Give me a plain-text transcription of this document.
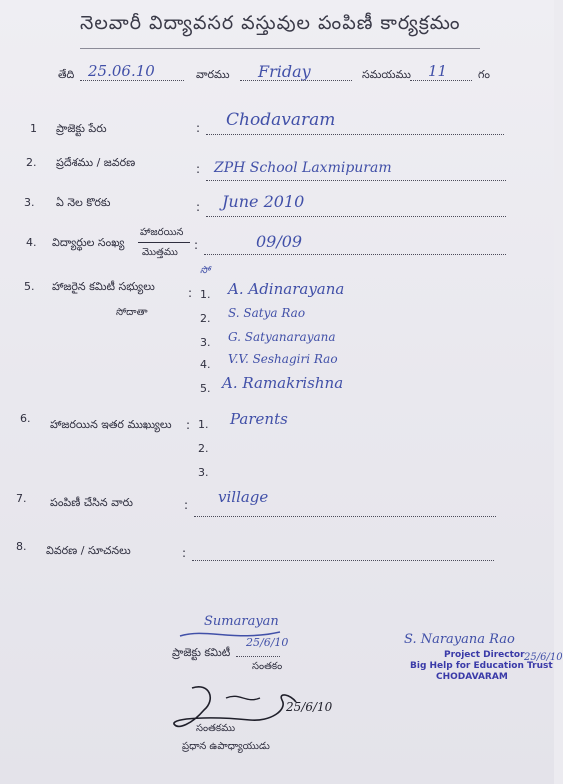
నెలవారీ విద్యావసర వస్తువుల పంపిణీ కార్యక్రమం
తేది 25.06.10	వారము Friday	సమయము 11	గం
1 ప్రాజెక్టు పేరు	: Chodavaram
2. ప్రదేశము / జవరణ	: ZPH School Laxmipuram
3. ఏ నెల కొరకు	: June 2010
4. విద్యార్థుల సంఖ్య
హాజరయిన
మొత్తము
:	09/09
5. హాజరైన కమిటీ సభ్యులు
సోదాతా
:
సో
1. A. Adinarayana
2. S. Satya Rao
3. G. Satyanarayana
4. V.V. Seshagiri Rao
5. A. Ramakrishna
6. హాజరయిన ఇతర ముఖ్యులు : 1. Parents
2.
3.
7. పంపిణీ చేసిన వారు	: village
8. వివరణ / సూచనలు	:
Sumarayan
ప్రాజెక్టు కమిటీ
25/6/10
సంతకం
S. Narayana Rao
Project Director
Big Help for Education Trust
CHODAVARAM
25/6/10
25/6/10
సంతకము
ప్రధాన ఉపాధ్యాయుడు
